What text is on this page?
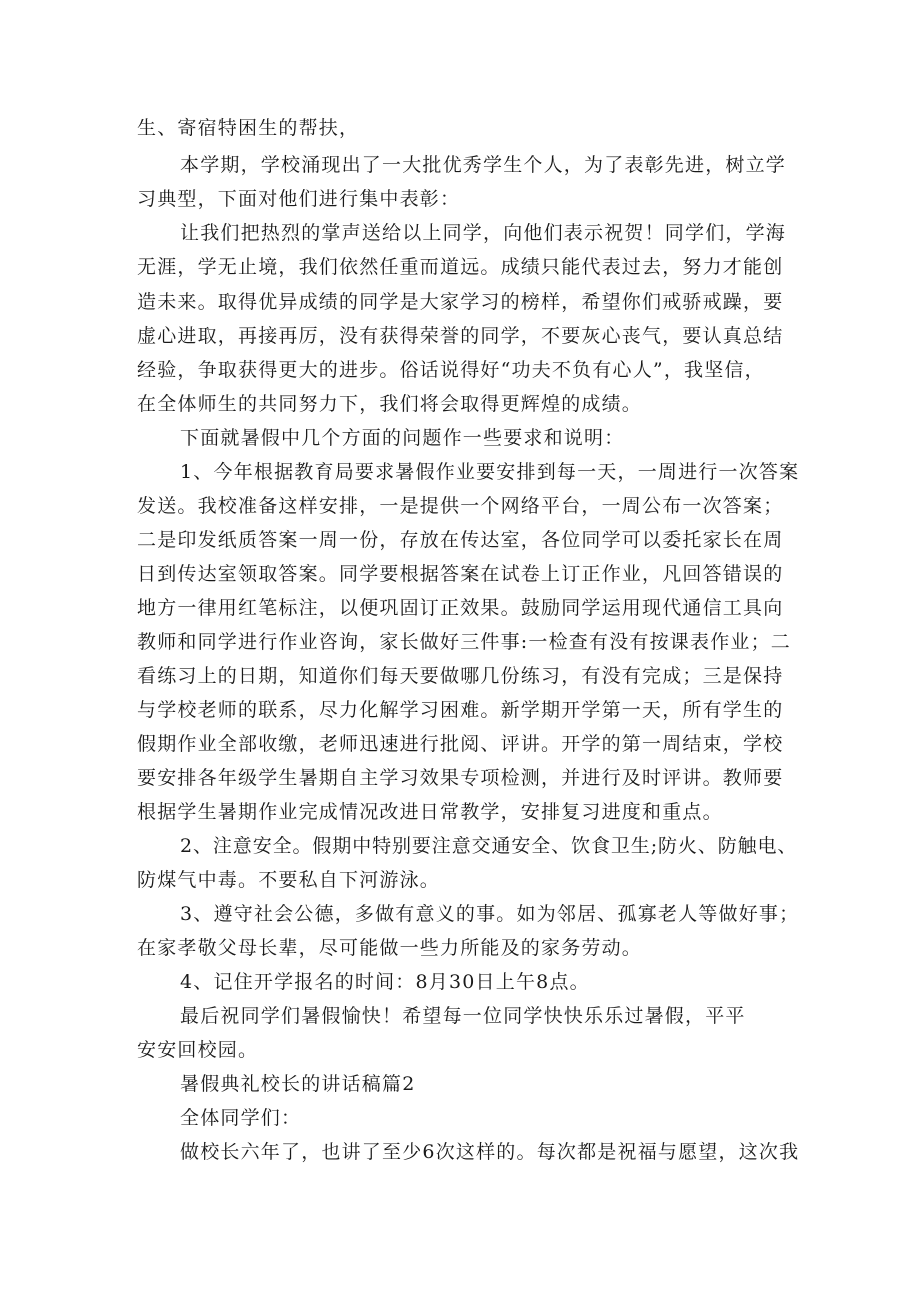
生、寄宿特困生的帮扶，
本学期，学校涌现出了一大批优秀学生个人，为了表彰先进，树立学
习典型，下面对他们进行集中表彰：
让我们把热烈的掌声送给以上同学，向他们表示祝贺！同学们，学海
无涯，学无止境，我们依然任重而道远。成绩只能代表过去，努力才能创
造未来。取得优异成绩的同学是大家学习的榜样，希望你们戒骄戒躁，要
虚心进取，再接再厉，没有获得荣誉的同学，不要灰心丧气，要认真总结
经验，争取获得更大的进步。俗话说得好“功夫不负有心人”，我坚信，
在全体师生的共同努力下，我们将会取得更辉煌的成绩。
下面就暑假中几个方面的问题作一些要求和说明：
1、今年根据教育局要求暑假作业要安排到每一天，一周进行一次答案
发送。我校准备这样安排，一是提供一个网络平台，一周公布一次答案；
二是印发纸质答案一周一份，存放在传达室，各位同学可以委托家长在周
日到传达室领取答案。同学要根据答案在试卷上订正作业，凡回答错误的
地方一律用红笔标注，以便巩固订正效果。鼓励同学运用现代通信工具向
教师和同学进行作业咨询，家长做好三件事:一检查有没有按课表作业；二
看练习上的日期，知道你们每天要做哪几份练习，有没有完成；三是保持
与学校老师的联系，尽力化解学习困难。新学期开学第一天，所有学生的
假期作业全部收缴，老师迅速进行批阅、评讲。开学的第一周结束，学校
要安排各年级学生暑期自主学习效果专项检测，并进行及时评讲。教师要
根据学生暑期作业完成情况改进日常教学，安排复习进度和重点。
2、注意安全。假期中特别要注意交通安全、饮食卫生;防火、防触电、
防煤气中毒。不要私自下河游泳。
3、遵守社会公德，多做有意义的事。如为邻居、孤寡老人等做好事；
在家孝敬父母长辈，尽可能做一些力所能及的家务劳动。
4、记住开学报名的时间：8月30日上午8点。
最后祝同学们暑假愉快！希望每一位同学快快乐乐过暑假，平平
安安回校园。
暑假典礼校长的讲话稿篇2
全体同学们：
做校长六年了，也讲了至少6次这样的。每次都是祝福与愿望，这次我
